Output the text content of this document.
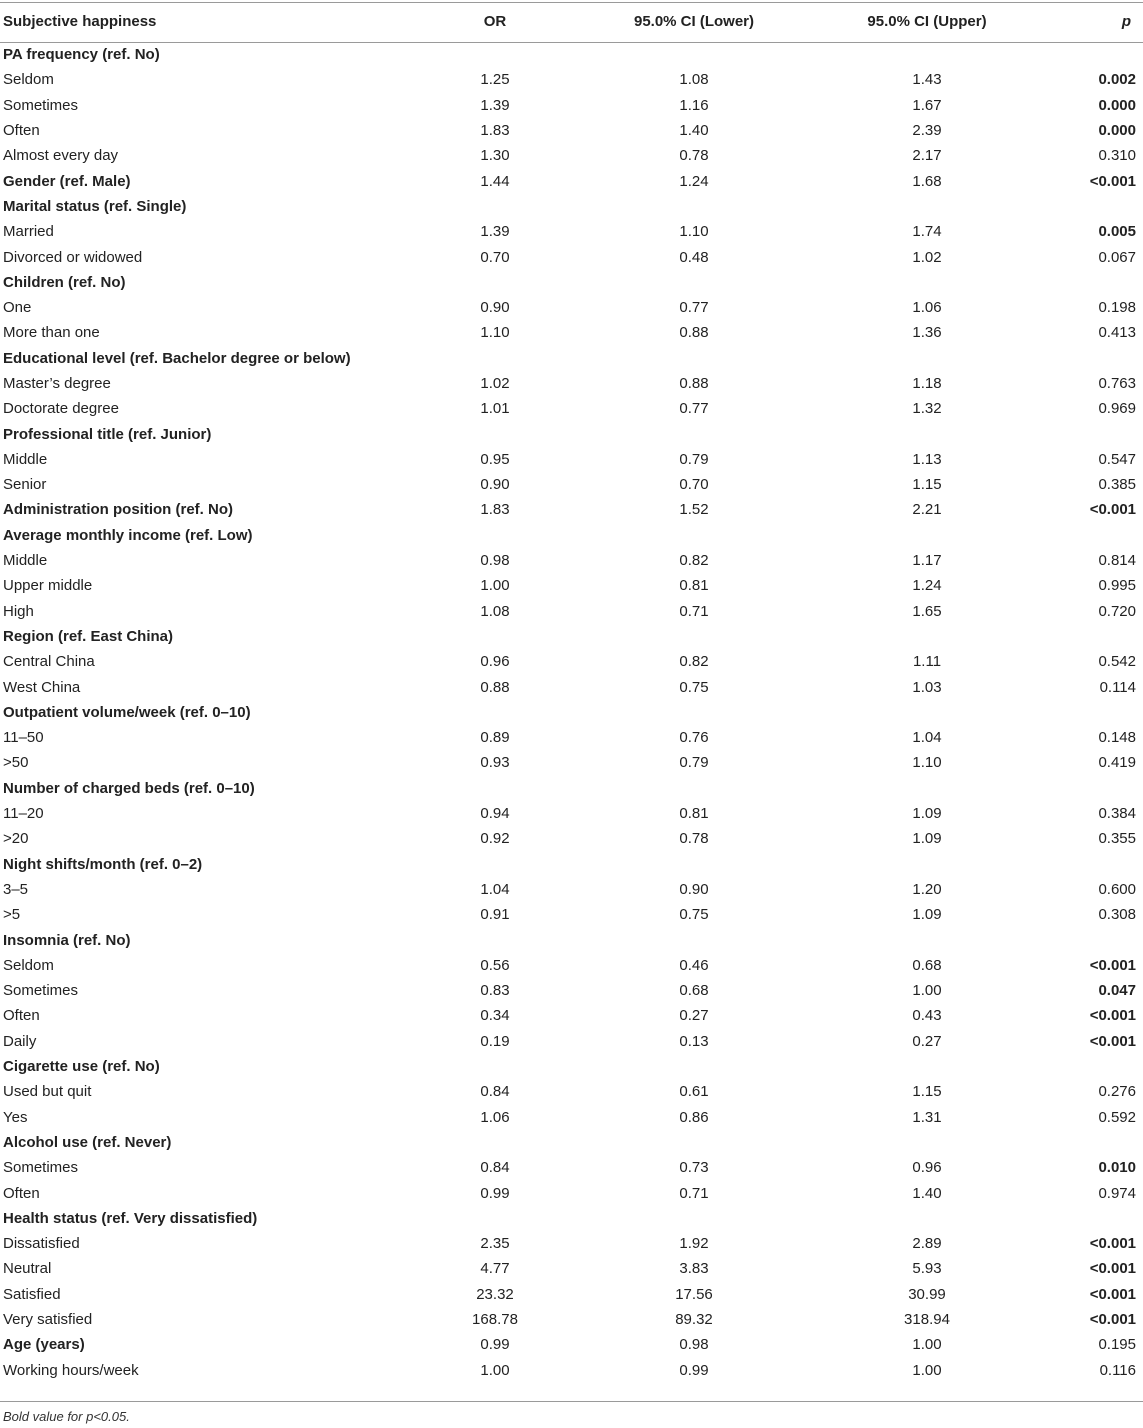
Subjective happiness	OR	95.0% CI (Lower)	95.0% CI (Upper)	p
PA frequency (ref. No)				
Seldom	1.25	1.08	1.43	0.002
Sometimes	1.39	1.16	1.67	0.000
Often	1.83	1.40	2.39	0.000
Almost every day	1.30	0.78	2.17	0.310
Gender (ref. Male)	1.44	1.24	1.68	<0.001
Marital status (ref. Single)				
Married	1.39	1.10	1.74	0.005
Divorced or widowed	0.70	0.48	1.02	0.067
Children (ref. No)				
One	0.90	0.77	1.06	0.198
More than one	1.10	0.88	1.36	0.413
Educational level (ref. Bachelor degree or below)				
Master’s degree	1.02	0.88	1.18	0.763
Doctorate degree	1.01	0.77	1.32	0.969
Professional title (ref. Junior)				
Middle	0.95	0.79	1.13	0.547
Senior	0.90	0.70	1.15	0.385
Administration position (ref. No)	1.83	1.52	2.21	<0.001
Average monthly income (ref. Low)				
Middle	0.98	0.82	1.17	0.814
Upper middle	1.00	0.81	1.24	0.995
High	1.08	0.71	1.65	0.720
Region (ref. East China)				
Central China	0.96	0.82	1.11	0.542
West China	0.88	0.75	1.03	0.114
Outpatient volume/week (ref. 0–10)				
11–50	0.89	0.76	1.04	0.148
>50	0.93	0.79	1.10	0.419
Number of charged beds (ref. 0–10)				
11–20	0.94	0.81	1.09	0.384
>20	0.92	0.78	1.09	0.355
Night shifts/month (ref. 0–2)				
3–5	1.04	0.90	1.20	0.600
>5	0.91	0.75	1.09	0.308
Insomnia (ref. No)				
Seldom	0.56	0.46	0.68	<0.001
Sometimes	0.83	0.68	1.00	0.047
Often	0.34	0.27	0.43	<0.001
Daily	0.19	0.13	0.27	<0.001
Cigarette use (ref. No)				
Used but quit	0.84	0.61	1.15	0.276
Yes	1.06	0.86	1.31	0.592
Alcohol use (ref. Never)				
Sometimes	0.84	0.73	0.96	0.010
Often	0.99	0.71	1.40	0.974
Health status (ref. Very dissatisfied)				
Dissatisfied	2.35	1.92	2.89	<0.001
Neutral	4.77	3.83	5.93	<0.001
Satisfied	23.32	17.56	30.99	<0.001
Very satisfied	168.78	89.32	318.94	<0.001
Age (years)	0.99	0.98	1.00	0.195
Working hours/week	1.00	0.99	1.00	0.116
Bold value for p<0.05.
